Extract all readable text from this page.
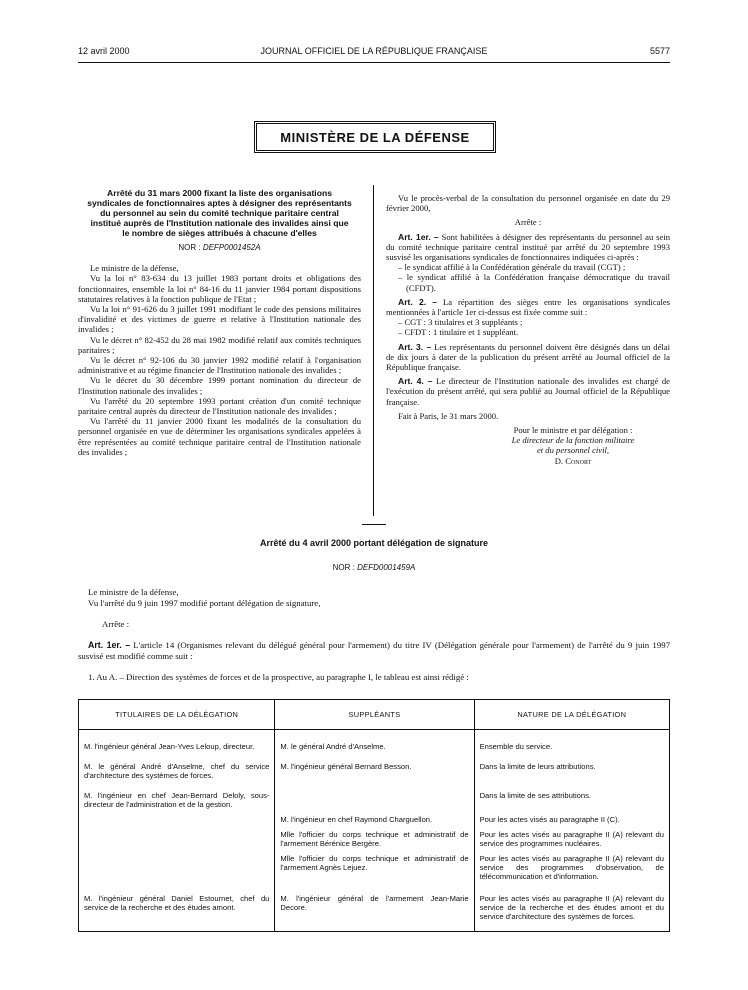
12 avril 2000	JOURNAL OFFICIEL DE LA RÉPUBLIQUE FRANÇAISE	5577
MINISTÈRE DE LA DÉFENSE
Arrêté du 31 mars 2000 fixant la liste des organisations syndicales de fonctionnaires aptes à désigner des représentants du personnel au sein du comité technique paritaire central institué auprès de l'Institution nationale des invalides ainsi que le nombre de sièges attribués à chacune d'elles
NOR : DEFP0001452A

Le ministre de la défense,

Vu la loi n° 83-634 du 13 juillet 1983 portant droits et obligations des fonctionnaires, ensemble la loi n° 84-16 du 11 janvier 1984 portant dispositions statutaires relatives à la fonction publique de l'Etat ;

Vu la loi n° 91-626 du 3 juillet 1991 modifiant le code des pensions militaires d'invalidité et des victimes de guerre et relative à l'Institution nationale des invalides ;

Vu le décret n° 82-452 du 28 mai 1982 modifié relatif aux comités techniques paritaires ;

Vu le décret n° 92-106 du 30 janvier 1992 modifié relatif à l'organisation administrative et au régime financier de l'Institution nationale des invalides ;

Vu le décret du 30 décembre 1999 portant nomination du directeur de l'Institution nationale des invalides ;

Vu l'arrêté du 20 septembre 1993 portant création d'un comité technique paritaire central auprès du directeur de l'Institution nationale des invalides ;

Vu l'arrêté du 11 janvier 2000 fixant les modalités de la consultation du personnel organisée en vue de déterminer les organisations syndicales appelées à être représentées au comité technique paritaire central de l'Institution nationale des invalides ;

Vu le procès-verbal de la consultation du personnel organisée en date du 29 février 2000,

Arrête :

Art. 1er. – Sont habilitées à désigner des représentants du personnel au sein du comité technique paritaire central institué par arrêté du 20 septembre 1993 susvisé les organisations syndicales de fonctionnaires indiquées ci-après :

– le syndicat affilié à la Confédération générale du travail (CGT) ;

– le syndicat affilié à la Confédération française démocratique du travail (CFDT).

Art. 2. – La répartition des sièges entre les organisations syndicales mentionnées à l'article 1er ci-dessus est fixée comme suit :

– CGT : 3 titulaires et 3 suppléants ;

– CFDT : 1 titulaire et 1 suppléant.

Art. 3. – Les représentants du personnel doivent être désignés dans un délai de dix jours à dater de la publication du présent arrêté au Journal officiel de la République française.

Art. 4. – Le directeur de l'Institution nationale des invalides est chargé de l'exécution du présent arrêté, qui sera publié au Journal officiel de la République française.

Fait à Paris, le 31 mars 2000.

Pour le ministre et par délégation :

Le directeur de la fonction militaire

et du personnel civil,

D. Conort

Arrêté du 4 avril 2000 portant délégation de signature
NOR : DEFD0001459A

Le ministre de la défense,

Vu l'arrêté du 9 juin 1997 modifié portant délégation de signature,

Arrête :

Art. 1er. – L'article 14 (Organismes relevant du délégué général pour l'armement) du titre IV (Délégation générale pour l'armement) de l'arrêté du 9 juin 1997 susvisé est modifié comme suit :

1. Au A. – Direction des systèmes de forces et de la prospective, au paragraphe I, le tableau est ainsi rédigé :

TITULAIRES DE LA DÉLÉGATION	SUPPLÉANTS	NATURE DE LA DÉLÉGATION
M. l'ingénieur général Jean-Yves Leloup, directeur.	M. le général André d'Anselme.	Ensemble du service.
M. le général André d'Anselme, chef du service d'architecture des systèmes de forces.	M. l'ingénieur général Bernard Besson.	Dans la limite de leurs attributions.
M. l'ingénieur en chef Jean-Bernard Deloly, sous-directeur de l'administration et de la gestion.		Dans la limite de ses attributions.
	M. l'ingénieur en chef Raymond Charguellon.	Pour les actes visés au paragraphe II (C).
	Mlle l'officier du corps technique et administratif de l'armement Bérénice Bergère.	Pour les actes visés au paragraphe II (A) relevant du service des programmes nucléaires.
	Mlle l'officier du corps technique et administratif de l'armement Agnès Lejuez.	Pour les actes visés au paragraphe II (A) relevant du service des programmes d'observation, de télécommunication et d'information.
M. l'ingénieur général Daniel Estournet, chef du service de la recherche et des études amont.	M. l'ingénieur général de l'armement Jean-Marie Decore.	Pour les actes visés au paragraphe II (A) relevant du service de la recherche et des études amont et du service d'architecture des systèmes de forces.
